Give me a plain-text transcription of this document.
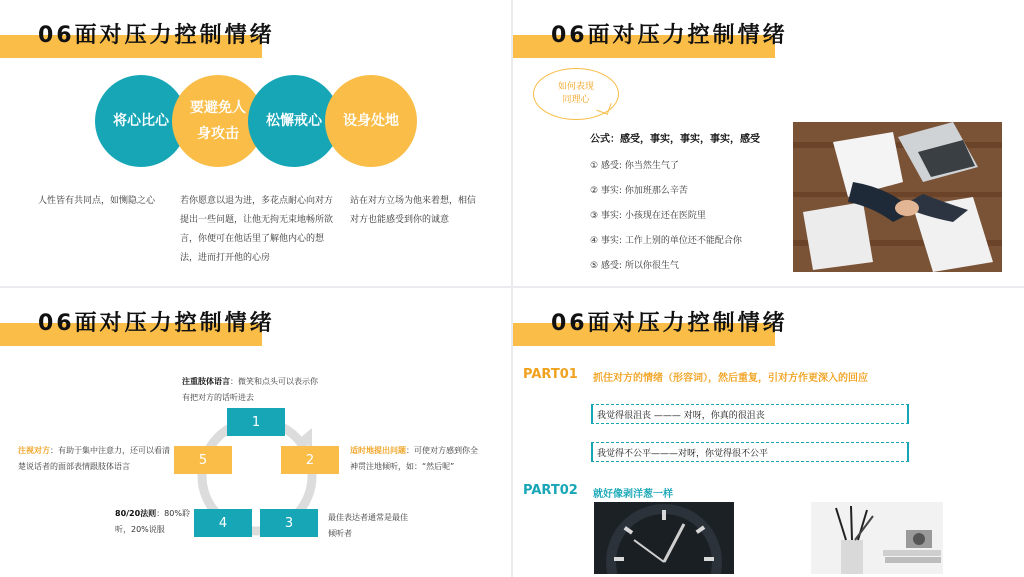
06面对压力控制情绪
将心比心
要避免人
身攻击
松懈戒心 设身处地
人性皆有共同点，如恻隐之心	若你愿意以退为进，多花点耐心向对方提出一些问题，让他无拘无束地畅所欲言，你便可在他话里了解他内心的想法，进而打开他的心房
站在对方立场为他来着想，相信对方也能感受到你的诚意
06面对压力控制情绪
如何表现
同理心
公式：感受，事实，事实，事实，感受
① 感受: 你当然生气了
② 事实: 你加班那么辛苦
③ 事实: 小孩现在还在医院里
④ 事实: 工作上别的单位还不能配合你
⑤ 感受: 所以你很生气
06面对压力控制情绪
1
2
3
4
5
注重肢体语言：微笑和点头可以表示你有把对方的话听进去
适时地提出问题：可使对方感到你全神贯注地倾听，如：“然后呢”
最佳表达者通常是最佳倾听者
80/20法则：80%聆听，20%说服
注视对方：有助于集中注意力，还可以看清楚说话者的面部表情跟肢体语言
06面对压力控制情绪
PART01 抓住对方的情绪（形容词），然后重复，引对方作更深入的回应
我觉得很沮丧 ——— 对呀，你真的很沮丧
我觉得不公平———对呀，你觉得很不公平
PART02 就好像剥洋葱一样
